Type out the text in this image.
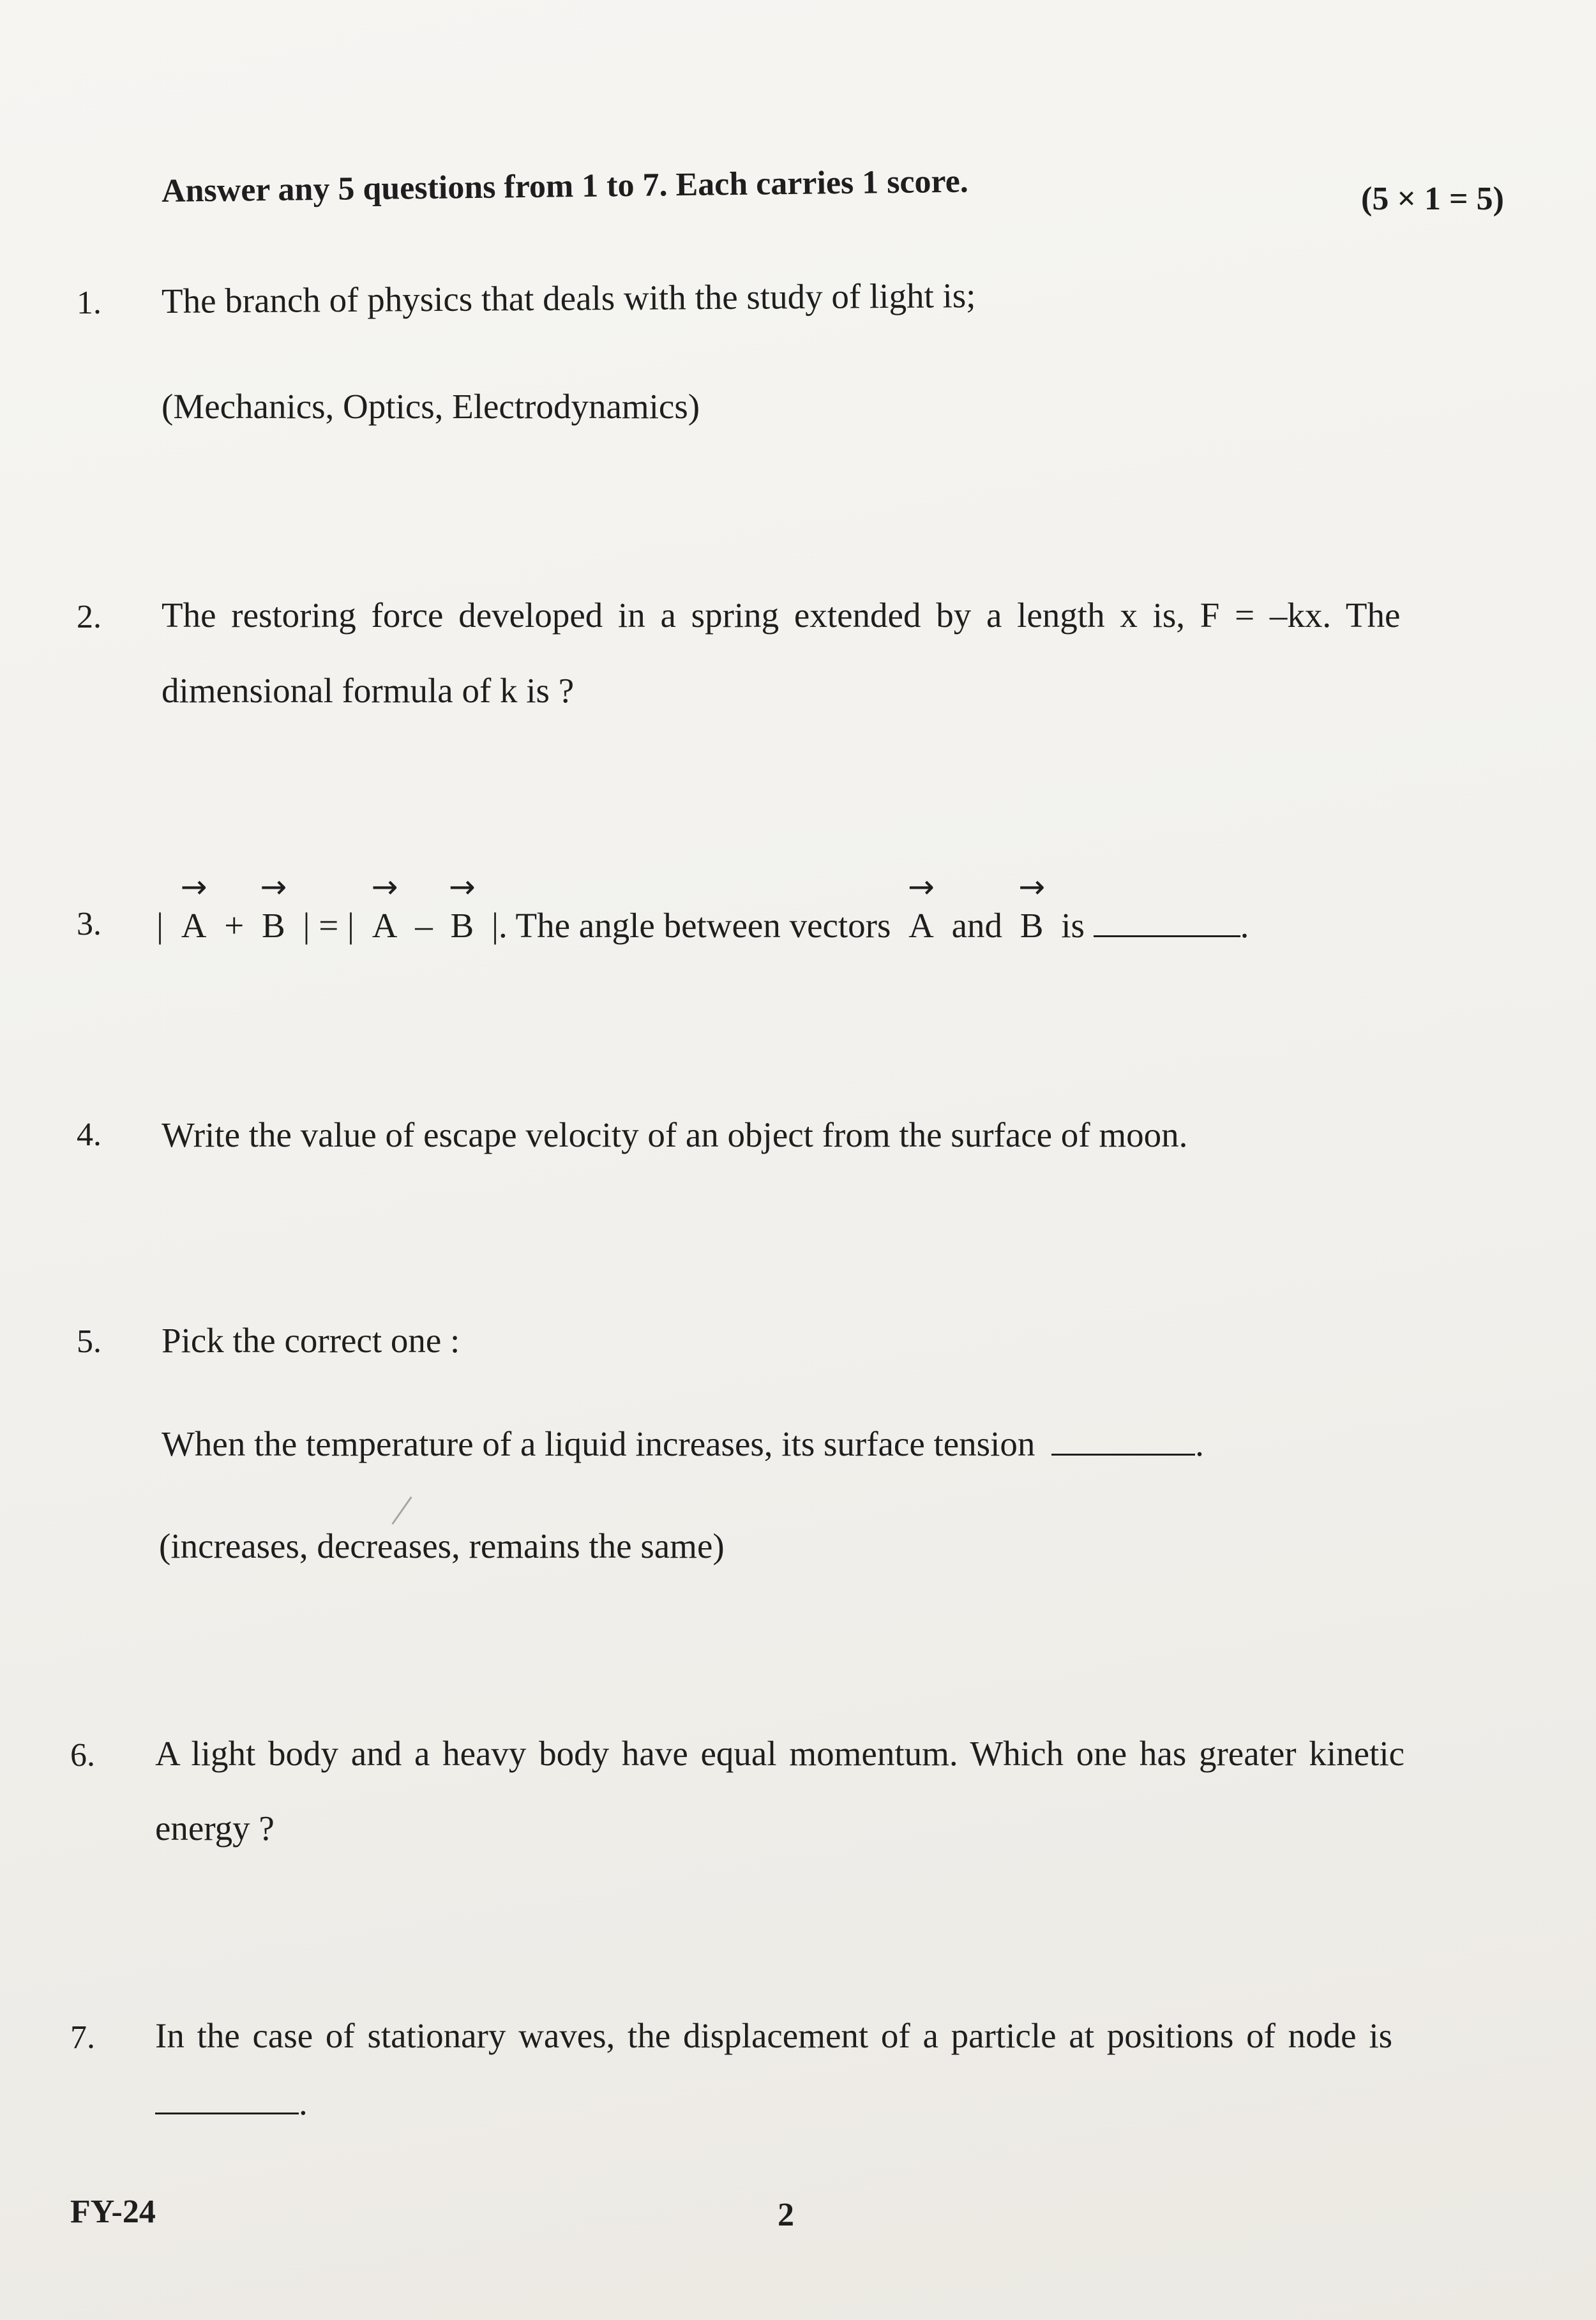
Answer any 5 questions from 1 to 7. Each carries 1 score.	(5 × 1 = 5)
1. The branch of physics that deals with the study of light is;
(Mechanics, Optics, Electrodynamics)
2. The restoring force developed in a spring extended by a length x is, F = –kx. The
dimensional formula of k is ?
3. |
→
A +
→
B | = |
→
A –
→
B |. The angle between vectors
→
A and
→
B is	.
4. Write the value of escape velocity of an object from the surface of moon.
5. Pick the correct one :
When the temperature of a liquid increases, its surface tension	.
(increases, decreases, remains the same)
6. A light body and a heavy body have equal momentum. Which one has greater kinetic
energy ?
7. In the case of stationary waves, the displacement of a particle at positions of node is
.
FY-24	2
